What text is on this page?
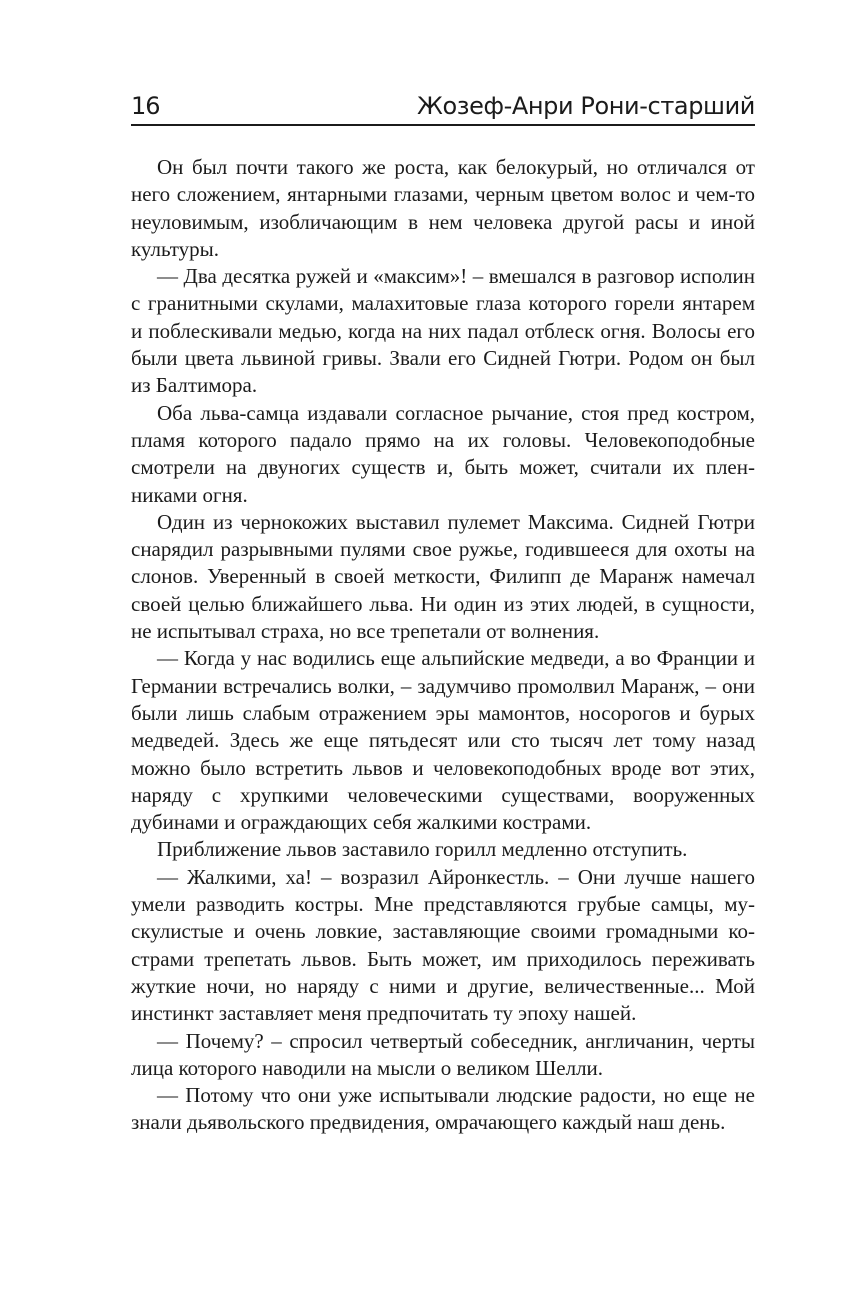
16	Жозеф-Анри Рони-старший

Он был почти такого же роста, как белокурый, но отличался от него сложением, янтарными глазами, черным цветом волос и чем-то неуловимым, изобличающим в нем человека другой расы и иной культуры.

— Два десятка ружей и «максим»! – вмешался в разговор исполин с гранитными скулами, малахитовые глаза которого горели янтарем и поблескивали медью, когда на них падал отблеск огня. Волосы его были цвета львиной гривы. Звали его Сидней Гютри. Родом он был из Балтимора.

Оба льва-самца издавали согласное рычание, стоя пред костром, пламя которого падало прямо на их головы. Человекоподобные смотрели на двуногих существ и, быть может, считали их пленниками огня.

Один из чернокожих выставил пулемет Максима. Сидней Гютри снарядил разрывными пулями свое ружье, годившееся для охоты на слонов. Уверенный в своей меткости, Филипп де Маранж намечал своей целью ближайшего льва. Ни один из этих людей, в сущности, не испытывал страха, но все трепетали от волнения.

— Когда у нас водились еще альпийские медведи, а во Франции и Германии встречались волки, – задумчиво промолвил Маранж, – они были лишь слабым отражением эры мамонтов, носорогов и бурых медведей. Здесь же еще пятьдесят или сто тысяч лет тому назад можно было встретить львов и человекоподобных вроде вот этих, наряду с хрупкими человеческими существами, вооруженных дубинами и ограждающих себя жалкими кострами.

Приближение львов заставило горилл медленно отступить.

— Жалкими, ха! – возразил Айронкестль. – Они лучше нашего умели разводить костры. Мне представляются грубые самцы, мускулистые и очень ловкие, заставляющие своими громадными кострами трепетать львов. Быть может, им приходилось переживать жуткие ночи, но наряду с ними и другие, величественные... Мой инстинкт заставляет меня предпочитать ту эпоху нашей.

— Почему? – спросил четвертый собеседник, англичанин, черты лица которого наводили на мысли о великом Шелли.

— Потому что они уже испытывали людские радости, но еще не знали дьявольского предвидения, омрачающего каждый наш день.
